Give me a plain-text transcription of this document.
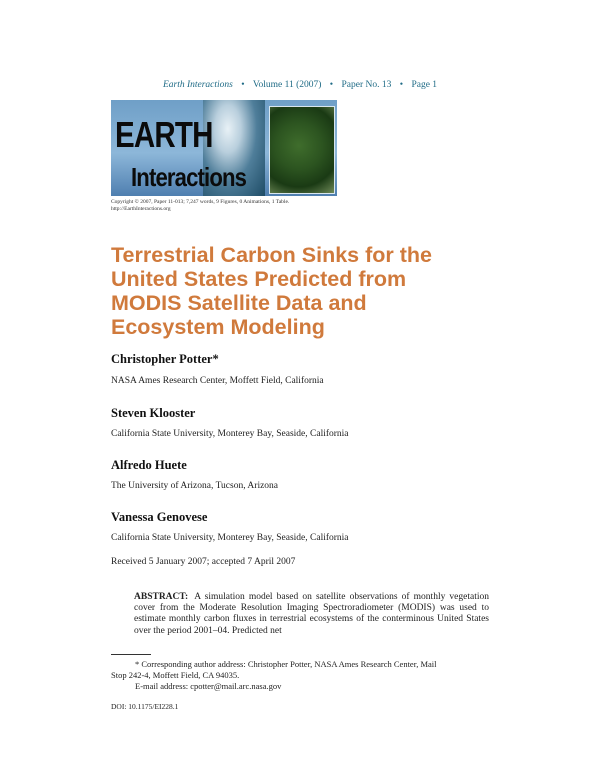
Earth Interactions • Volume 11 (2007) • Paper No. 13 • Page 1
EARTH
Interactions
Copyright © 2007, Paper 11-013; 7,247 words, 9 Figures, 0 Animations, 1 Table.
http://EarthInteractions.org
Terrestrial Carbon Sinks for the United States Predicted from MODIS Satellite Data and Ecosystem Modeling
Christopher Potter*
NASA Ames Research Center, Moffett Field, California
Steven Klooster
California State University, Monterey Bay, Seaside, California
Alfredo Huete
The University of Arizona, Tucson, Arizona
Vanessa Genovese
California State University, Monterey Bay, Seaside, California
Received 5 January 2007; accepted 7 April 2007

ABSTRACT: A simulation model based on satellite observations of monthly vegetation cover from the Moderate Resolution Imaging Spectroradiometer (MODIS) was used to estimate monthly carbon fluxes in terrestrial ecosystems of the conterminous United States over the period 2001–04. Predicted net

* Corresponding author address: Christopher Potter, NASA Ames Research Center, Mail
Stop 242-4, Moffett Field, CA 94035.
E-mail address: cpotter@mail.arc.nasa.gov
DOI: 10.1175/EI228.1
